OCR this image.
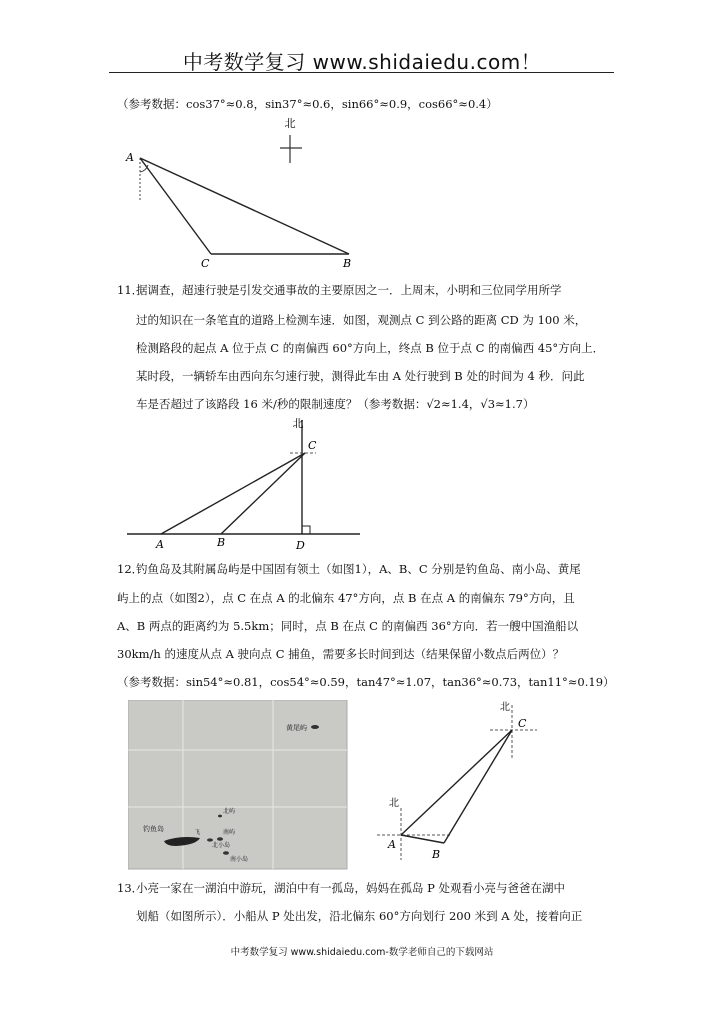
中考数学复习 www.shidaiedu.com！
（参考数据：cos37°≈0.8，sin37°≈0.6，sin66°≈0.9，cos66°≈0.4）
北
A
C	B
11．
据调查，超速行驶是引发交通事故的主要原因之一．上周末，小明和三位同学用所学
过的知识在一条笔直的道路上检测车速．如图，观测点 C 到公路的距离 CD 为 100 米，
检测路段的起点 A 位于点 C 的南偏西 60°方向上，终点 B 位于点 C 的南偏西 45°方向上．
某时段，一辆轿车由西向东匀速行驶，测得此车由 A 处行驶到 B 处的时间为 4 秒．问此
车是否超过了该路段 16 米/秒的限制速度？（参考数据：√2≈1.4，√3≈1.7）
北
C
A	B	D
12．
钓鱼岛及其附属岛屿是中国固有领土（如图1），A、B、C 分别是钓鱼岛、南小岛、黄尾
屿上的点（如图2），点 C 在点 A 的北偏东 47°方向，点 B 在点 A 的南偏东 79°方向，且
A、B 两点的距离约为 5.5km；同时，点 B 在点 C 的南偏西 36°方向．若一艘中国渔船以
30km/h 的速度从点 A 驶向点 C 捕鱼，需要多长时间到达（结果保留小数点后两位）？
（参考数据：sin54°≈0.81，cos54°≈0.59，tan47°≈1.07，tan36°≈0.73，tan11°≈0.19）
黄尾屿
钓鱼岛
北屿
飞	南屿
北小岛
南小岛
北
C
北
A
B
13．
小亮一家在一湖泊中游玩，湖泊中有一孤岛，妈妈在孤岛 P 处观看小亮与爸爸在湖中
划船（如图所示）．小船从 P 处出发，沿北偏东 60°方向划行 200 米到 A 处，接着向正
中考数学复习 www.shidaiedu.com-数学老师自己的下载网站
